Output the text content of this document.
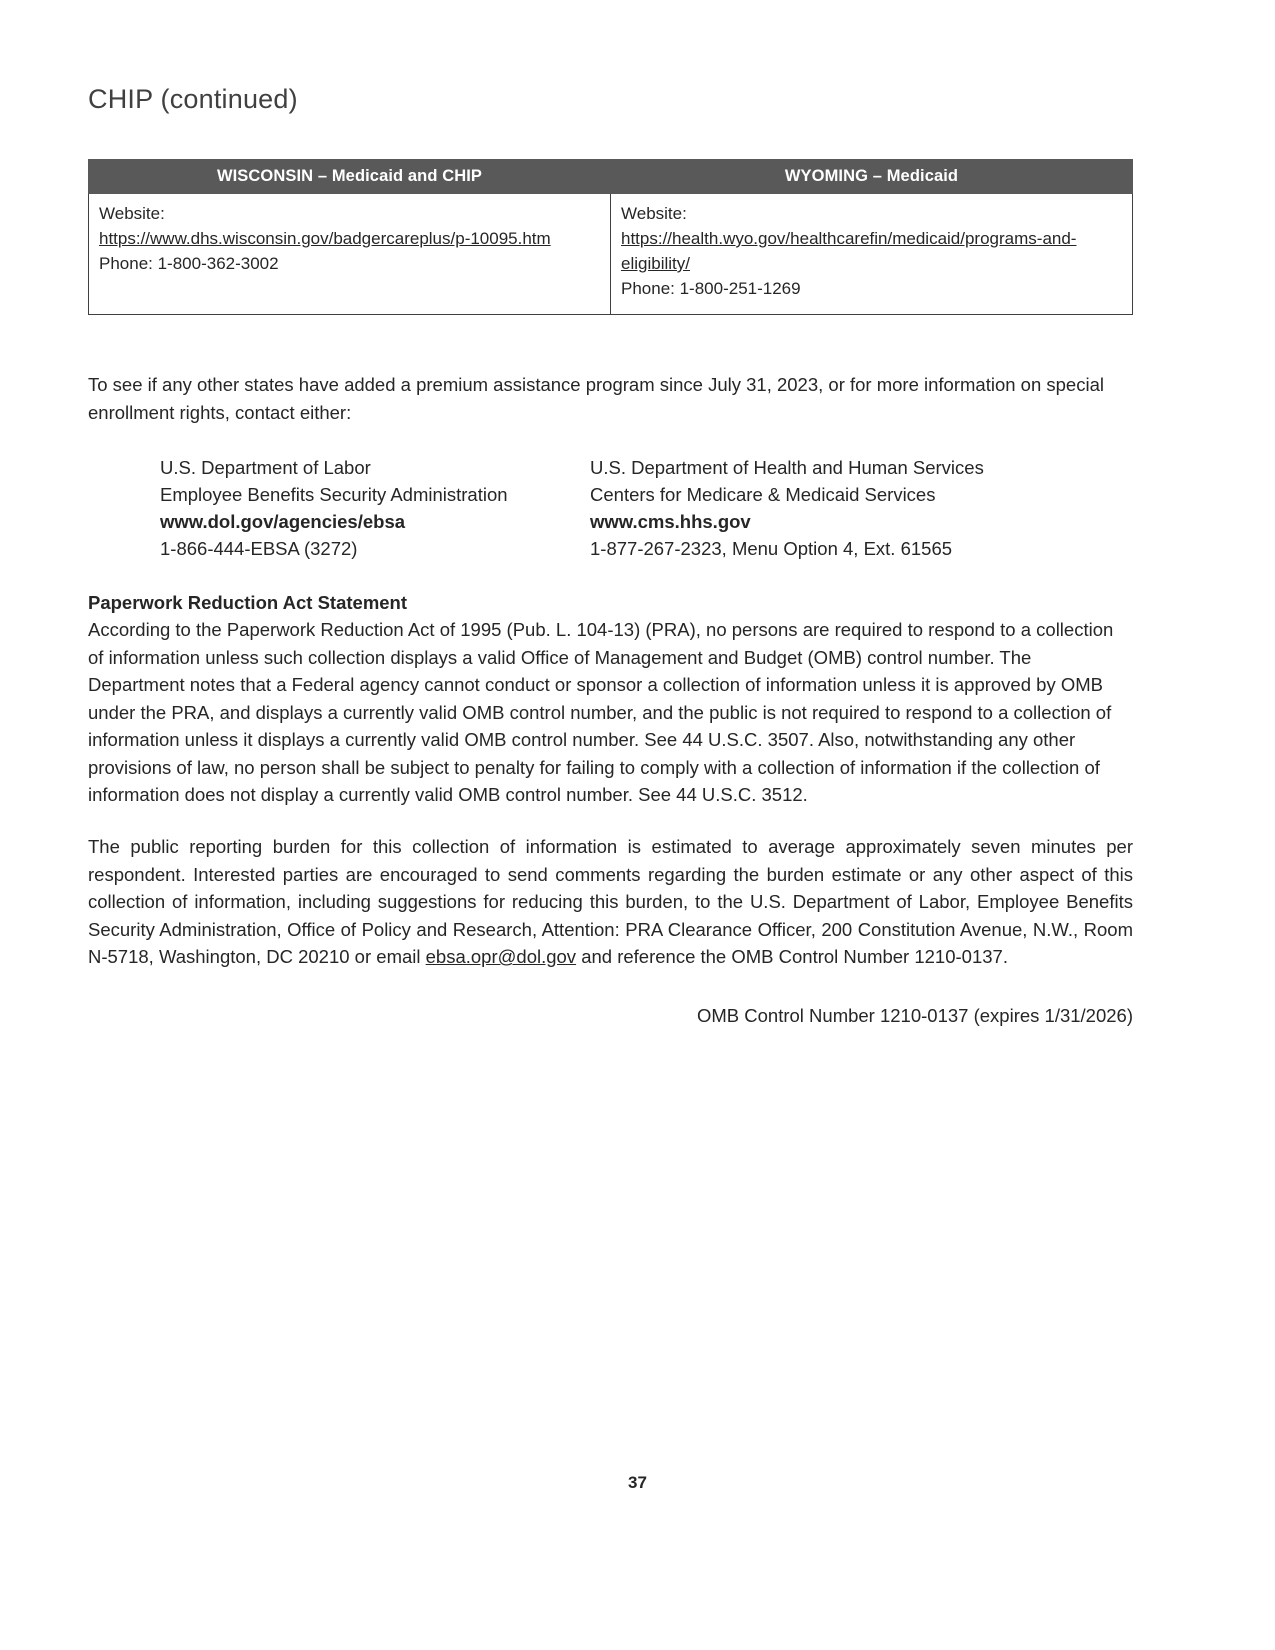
CHIP (continued)
WISCONSIN – Medicaid and CHIP	WYOMING – Medicaid

Website:
https://www.dhs.wisconsin.gov/badgercareplus/p-10095.htm
Phone: 1-800-362-3002	Website:
https://health.wyo.gov/healthcarefin/medicaid/programs-and-eligibility/
Phone: 1-800-251-1269

To see if any other states have added a premium assistance program since July 31, 2023, or for more information on special enrollment rights, contact either:

U.S. Department of Labor
Employee Benefits Security Administration
www.dol.gov/agencies/ebsa
1-866-444-EBSA (3272)
U.S. Department of Health and Human Services
Centers for Medicare & Medicaid Services
www.cms.hhs.gov
1-877-267-2323, Menu Option 4, Ext. 61565
Paperwork Reduction Act Statement

According to the Paperwork Reduction Act of 1995 (Pub. L. 104-13) (PRA), no persons are required to respond to a collection of information unless such collection displays a valid Office of Management and Budget (OMB) control number. The Department notes that a Federal agency cannot conduct or sponsor a collection of information unless it is approved by OMB under the PRA, and displays a currently valid OMB control number, and the public is not required to respond to a collection of information unless it displays a currently valid OMB control number. See 44 U.S.C. 3507. Also, notwithstanding any other provisions of law, no person shall be subject to penalty for failing to comply with a collection of information if the collection of information does not display a currently valid OMB control number. See 44 U.S.C. 3512.

The public reporting burden for this collection of information is estimated to average approximately seven minutes per respondent. Interested parties are encouraged to send comments regarding the burden estimate or any other aspect of this collection of information, including suggestions for reducing this burden, to the U.S. Department of Labor, Employee Benefits Security Administration, Office of Policy and Research, Attention: PRA Clearance Officer, 200 Constitution Avenue, N.W., Room N-5718, Washington, DC 20210 or email ebsa.opr@dol.gov and reference the OMB Control Number 1210-0137.

OMB Control Number 1210-0137 (expires 1/31/2026)
37
